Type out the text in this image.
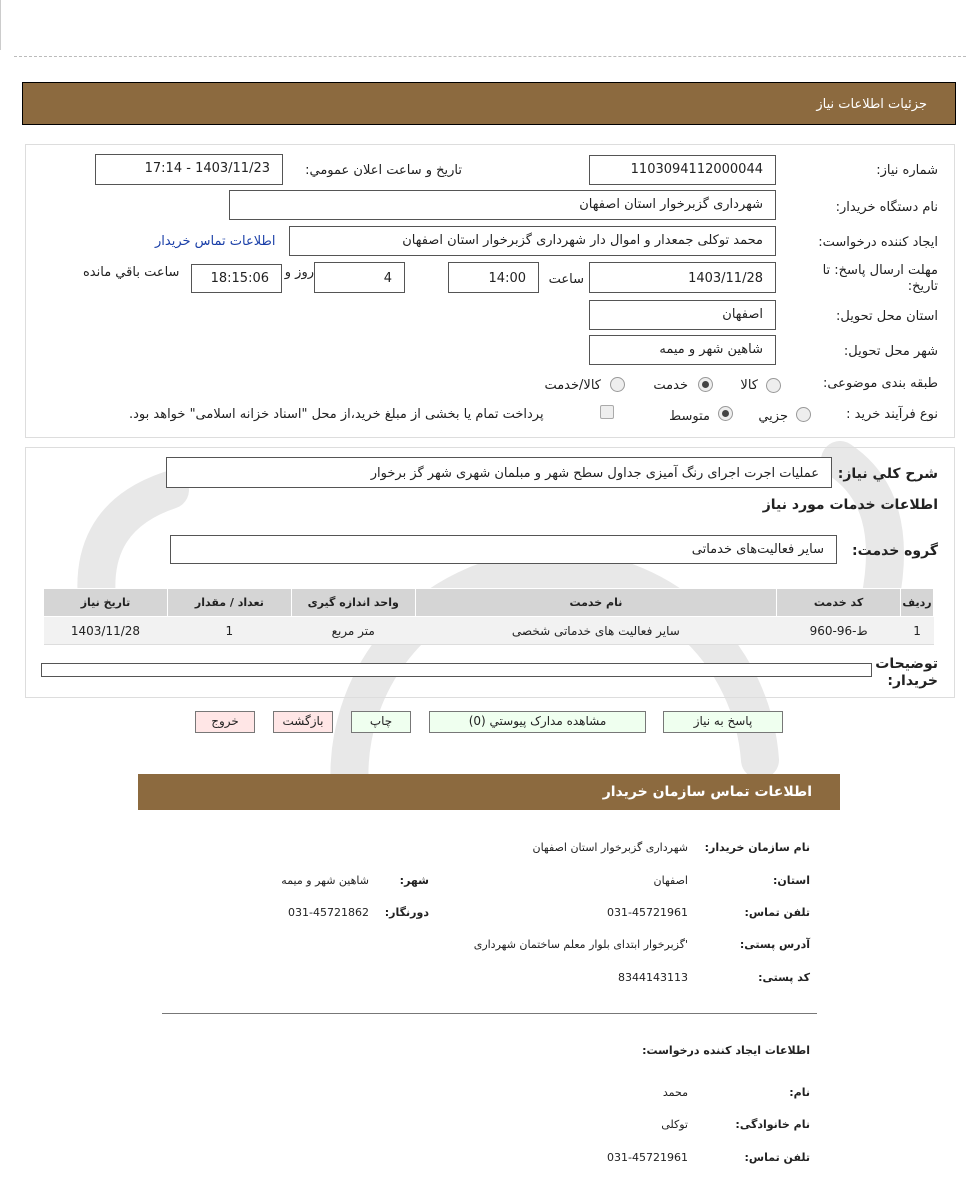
جزئيات اطلاعات نياز
شماره نياز:
1103094112000044
تاريخ و ساعت اعلان عمومي:
1403/11/23 - 17:14
نام دستگاه خريدار:
شهرداری گزبرخوار استان اصفهان
ايجاد کننده درخواست:
محمد توکلی جمعدار و اموال دار شهرداری گزبرخوار استان اصفهان
اطلاعات تماس خريدار
مهلت ارسال پاسخ: تا تاريخ:
1403/11/28
ساعت
14:00
4
روز و
18:15:06
ساعت باقي مانده
استان محل تحويل:
اصفهان
شهر محل تحويل:
شاهين شهر و ميمه
طبقه بندی موضوعی:
کالا
خدمت
کالا/خدمت
نوع فرآيند خريد :
جزيي
متوسط
پرداخت تمام يا بخشی از مبلغ خريد،از محل "اسناد خزانه اسلامی" خواهد بود.
شرح کلي نياز:
عمليات اجرت اجرای رنگ آميزی جداول سطح شهر و مبلمان شهری شهر گز برخوار
اطلاعات خدمات مورد نياز
گروه خدمت:
ساير فعاليت‌های خدماتی
رديف	کد خدمت	نام خدمت	واحد اندازه گيری	تعداد / مقدار	تاريخ نياز
1	ط-96-960	ساير فعاليت های خدماتی شخصی	متر مربع	1	1403/11/28
توضيحات خريدار:
پاسخ به نياز
مشاهده مدارک پيوستي (0)
چاپ
بازگشت
خروج
اطلاعات تماس سازمان خريدار
نام سازمان خريدار:
شهرداری گزبرخوار استان اصفهان
استان:
اصفهان
شهر:
شاهين شهر و ميمه
تلفن تماس:
031-45721961
دورنگار:
031-45721862
آدرس پستی:
'گزبرخوار ابتدای بلوار معلم ساختمان شهرداری
کد پستی:
8344143113
اطلاعات ايجاد کننده درخواست:
نام:
محمد
نام خانوادگی:
توکلی
تلفن تماس:
031-45721961
